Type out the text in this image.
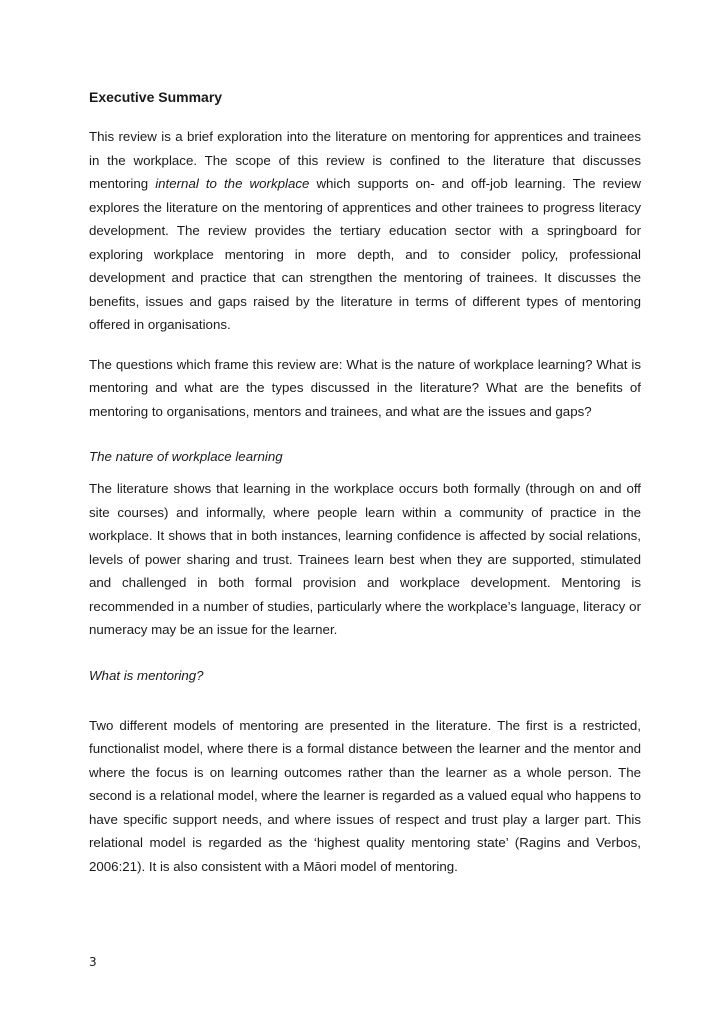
Executive Summary

This review is a brief exploration into the literature on mentoring for apprentices and trainees in the workplace. The scope of this review is confined to the literature that discusses mentoring internal to the workplace which supports on- and off-job learning. The review explores the literature on the mentoring of apprentices and other trainees to progress literacy development. The review provides the tertiary education sector with a springboard for exploring workplace mentoring in more depth, and to consider policy, professional development and practice that can strengthen the mentoring of trainees. It discusses the benefits, issues and gaps raised by the literature in terms of different types of mentoring offered in organisations.

The questions which frame this review are: What is the nature of workplace learning? What is mentoring and what are the types discussed in the literature? What are the benefits of mentoring to organisations, mentors and trainees, and what are the issues and gaps?

The nature of workplace learning

The literature shows that learning in the workplace occurs both formally (through on and off site courses) and informally, where people learn within a community of practice in the workplace. It shows that in both instances, learning confidence is affected by social relations, levels of power sharing and trust. Trainees learn best when they are supported, stimulated and challenged in both formal provision and workplace development. Mentoring is recommended in a number of studies, particularly where the workplace’s language, literacy or numeracy may be an issue for the learner.

What is mentoring?

Two different models of mentoring are presented in the literature. The first is a restricted, functionalist model, where there is a formal distance between the learner and the mentor and where the focus is on learning outcomes rather than the learner as a whole person. The second is a relational model, where the learner is regarded as a valued equal who happens to have specific support needs, and where issues of respect and trust play a larger part. This relational model is regarded as the ‘highest quality mentoring state’ (Ragins and Verbos, 2006:21). It is also consistent with a Māori model of mentoring.

3
